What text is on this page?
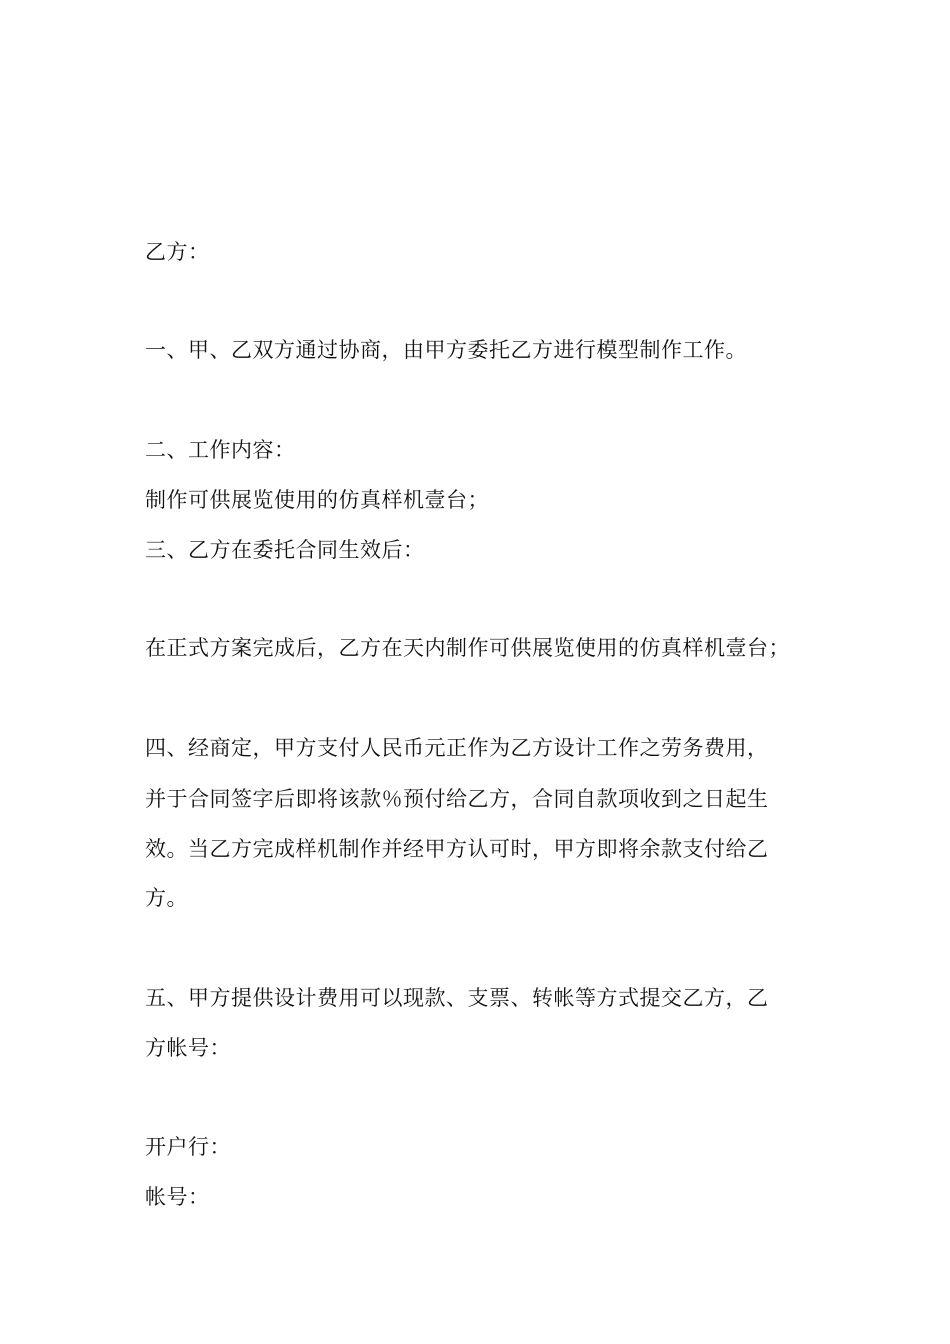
乙方：
一、甲、乙双方通过协商，由甲方委托乙方进行模型制作工作。
二、工作内容：
制作可供展览使用的仿真样机壹台；
三、乙方在委托合同生效后：
在正式方案完成后，乙方在天内制作可供展览使用的仿真样机壹台；
四、经商定，甲方支付人民币元正作为乙方设计工作之劳务费用，
并于合同签字后即将该款％预付给乙方，合同自款项收到之日起生
效。当乙方完成样机制作并经甲方认可时，甲方即将余款支付给乙
方。
五、甲方提供设计费用可以现款、支票、转帐等方式提交乙方，乙
方帐号：
开户行：
帐号：
